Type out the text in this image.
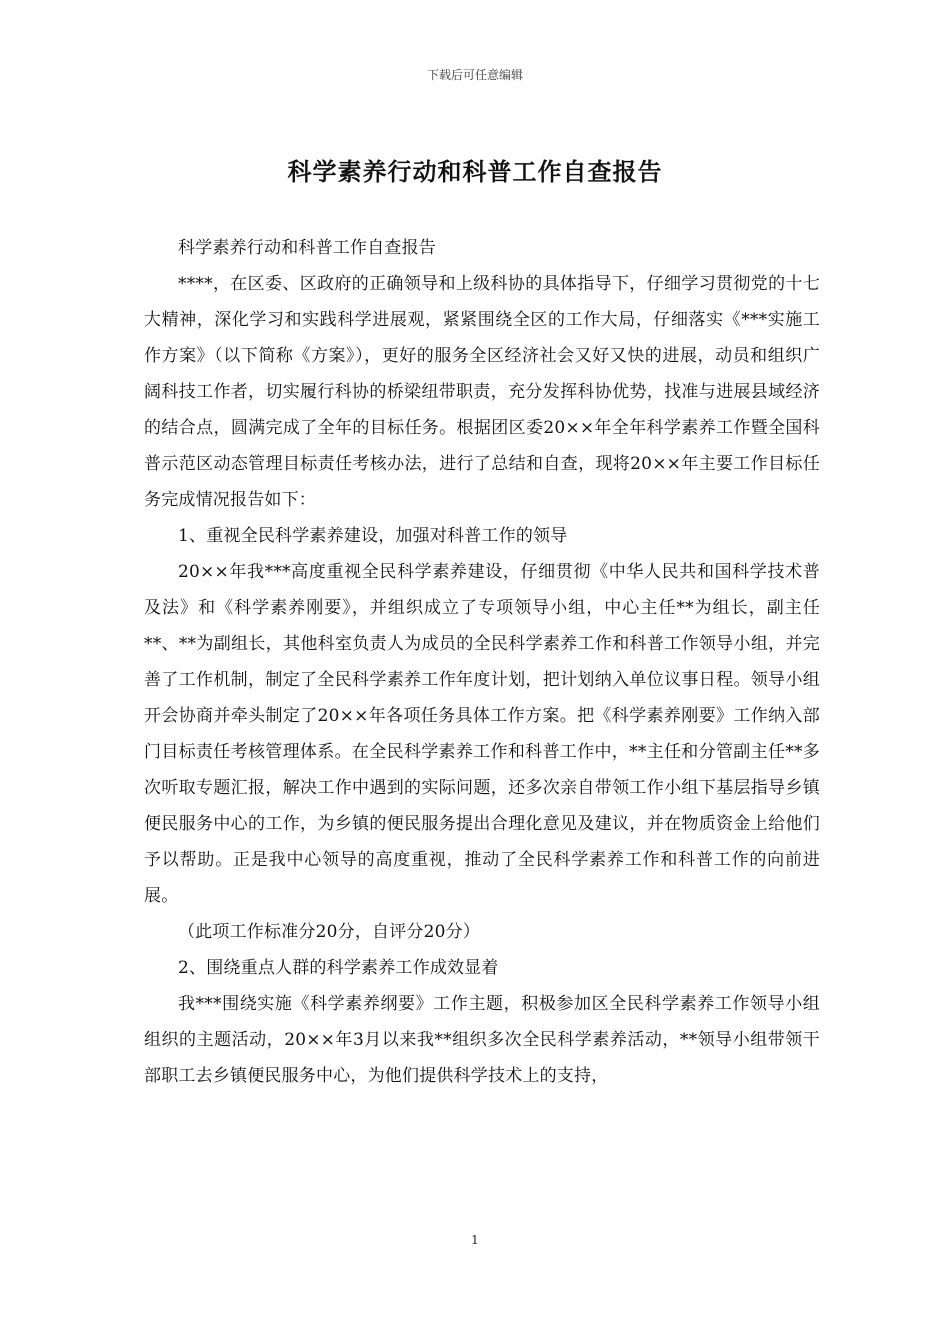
下载后可任意编辑
科学素养行动和科普工作自查报告

科学素养行动和科普工作自查报告

****，在区委、区政府的正确领导和上级科协的具体指导下，仔细学习贯彻党的十七大精神，深化学习和实践科学进展观，紧紧围绕全区的工作大局，仔细落实《***实施工作方案》（以下简称《方案》），更好的服务全区经济社会又好又快的进展，动员和组织广阔科技工作者，切实履行科协的桥梁纽带职责，充分发挥科协优势，找准与进展县域经济的结合点，圆满完成了全年的目标任务。根据团区委20××年全年科学素养工作暨全国科普示范区动态管理目标责任考核办法，进行了总结和自查，现将20××年主要工作目标任务完成情况报告如下：

1、重视全民科学素养建设，加强对科普工作的领导

20××年我***高度重视全民科学素养建设，仔细贯彻《中华人民共和国科学技术普及法》和《科学素养刚要》，并组织成立了专项领导小组，中心主任**为组长，副主任**、**为副组长，其他科室负责人为成员的全民科学素养工作和科普工作领导小组，并完善了工作机制，制定了全民科学素养工作年度计划，把计划纳入单位议事日程。领导小组开会协商并牵头制定了20××年各项任务具体工作方案。把《科学素养刚要》工作纳入部门目标责任考核管理体系。在全民科学素养工作和科普工作中，**主任和分管副主任**多次听取专题汇报，解决工作中遇到的实际问题，还多次亲自带领工作小组下基层指导乡镇便民服务中心的工作，为乡镇的便民服务提出合理化意见及建议，并在物质资金上给他们予以帮助。正是我中心领导的高度重视，推动了全民科学素养工作和科普工作的向前进展。

（此项工作标准分20分，自评分20分）

2、围绕重点人群的科学素养工作成效显着

我***围绕实施《科学素养纲要》工作主题，积极参加区全民科学素养工作领导小组组织的主题活动，20××年3月以来我**组织多次全民科学素养活动，**领导小组带领干部职工去乡镇便民服务中心，为他们提供科学技术上的支持，

1
